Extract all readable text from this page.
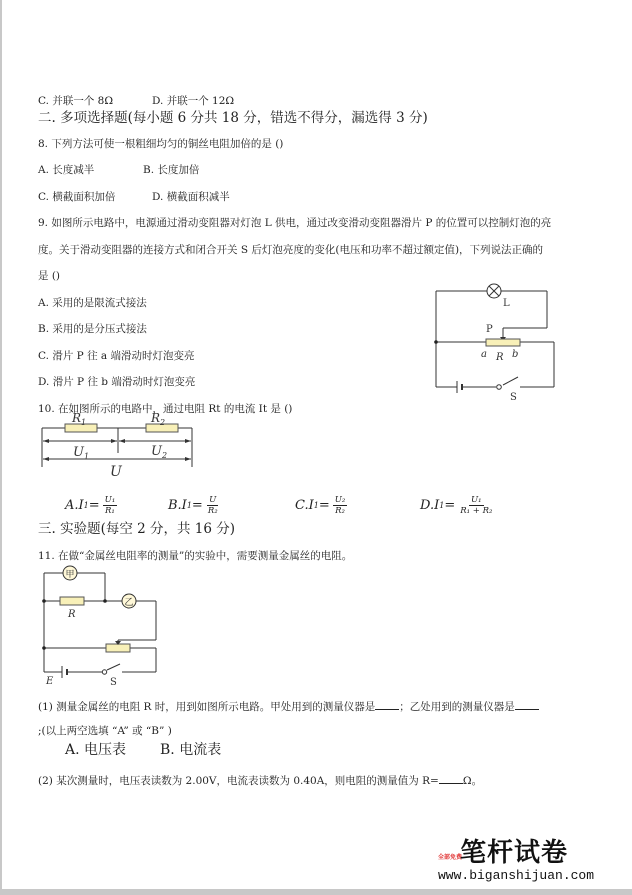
C. 并联一个 8Ω	D. 并联一个 12Ω
二. 多项选择题(每小题 6 分共 18 分，错选不得分，漏选得 3 分)
8. 下列方法可使一根粗细均匀的铜丝电阻加倍的是 ()
A. 长度减半	B. 长度加倍
C. 横截面积加倍	D. 横截面积减半
9. 如图所示电路中，电源通过滑动变阻器对灯泡 L 供电，通过改变滑动变阻器滑片 P 的位置可以控制灯泡的亮
度。关于滑动变阻器的连接方式和闭合开关 S 后灯泡亮度的变化(电压和功率不超过额定值)，下列说法正确的
是 ()
A. 采用的是限流式接法
B. 采用的是分压式接法
C. 滑片 P 往 a 端滑动时灯泡变亮
D. 滑片 P 往 b 端滑动时灯泡变亮
L
P
a R b
S
10. 在如图所示的电路中，通过电阻 Rt 的电流 It 是 ()
$R_1$	$R_2$
$U_1$	$U_2$
U
A.I $1 = \frac{\text{U₁}}{\text{R₁}}$	B.I $1 = \frac{U}{\text{R₂}}$	C.I $1 = \frac{\text{U₂}}{\text{R₂}}$	D.I $1 = \frac{\text{U₁}}{\text{R₁ + R₂}}$
三. 实验题(每空 2 分，共 16 分)
11. 在做“金属丝电阻率的测量”的实验中，需要测量金属丝的电阻。
甲
乙
R
E	S
(1) 测量金属丝的电阻 R 时，用到如图所示电路。甲处用到的测量仪器是 ；乙处用到的测量仪器是
;(以上两空选填 “A” 或 “B” )
A. 电压表 B. 电流表
(2) 某次测量时，电压表读数为 2.00V，电流表读数为 0.40A，则电阻的测量值为 R= Ω。
全部免费
笔杆试卷
www.biganshijuan.com
